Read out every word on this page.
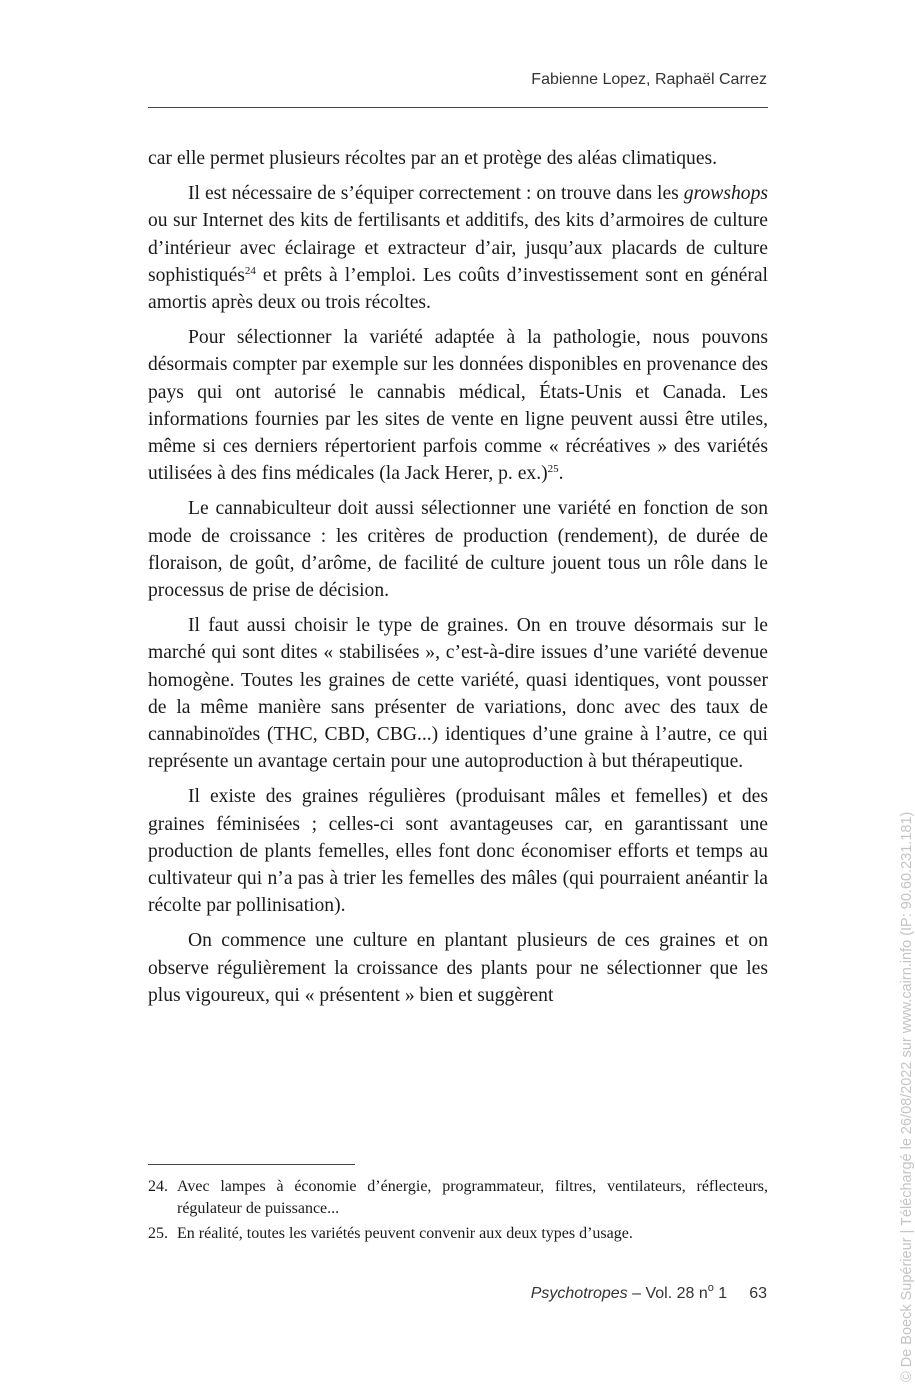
Fabienne Lopez, Raphaël Carrez

car elle permet plusieurs récoltes par an et protège des aléas climatiques.

Il est nécessaire de s’équiper correctement : on trouve dans les growshops ou sur Internet des kits de fertilisants et additifs, des kits d’armoires de culture d’intérieur avec éclairage et extracteur d’air, jusqu’aux placards de culture sophistiqués$^{24}$ et prêts à l’emploi. Les coûts d’investissement sont en général amortis après deux ou trois récoltes.

Pour sélectionner la variété adaptée à la pathologie, nous pouvons désormais compter par exemple sur les données disponibles en provenance des pays qui ont autorisé le cannabis médical, États-Unis et Canada. Les informations fournies par les sites de vente en ligne peuvent aussi être utiles, même si ces derniers répertorient parfois comme « récréatives » des variétés utilisées à des fins médicales (la Jack Herer, p. ex.)$^{25}$.

Le cannabiculteur doit aussi sélectionner une variété en fonction de son mode de croissance : les critères de production (rendement), de durée de floraison, de goût, d’arôme, de facilité de culture jouent tous un rôle dans le processus de prise de décision.

Il faut aussi choisir le type de graines. On en trouve désormais sur le marché qui sont dites « stabilisées », c’est-à-dire issues d’une variété devenue homogène. Toutes les graines de cette variété, quasi identiques, vont pousser de la même manière sans présenter de variations, donc avec des taux de cannabinoïdes (THC, CBD, CBG...) identiques d’une graine à l’autre, ce qui représente un avantage certain pour une autoproduction à but thérapeutique.

Il existe des graines régulières (produisant mâles et femelles) et des graines féminisées ; celles-ci sont avantageuses car, en garantissant une production de plants femelles, elles font donc économiser efforts et temps au cultivateur qui n’a pas à trier les femelles des mâles (qui pourraient anéantir la récolte par pollinisation).

On commence une culture en plantant plusieurs de ces graines et on observe régulièrement la croissance des plants pour ne sélectionner que les plus vigoureux, qui « présentent » bien et suggèrent

24. Avec lampes à économie d’énergie, programmateur, filtres, ventilateurs, réflecteurs, régulateur de puissance...
25. En réalité, toutes les variétés peuvent convenir aux deux types d’usage.
Psychotropes – Vol. 28 $n^o$ 1 63	© De Boeck Supérieur | Téléchargé le 26/08/2022 sur www.cairn.info (IP: 90.60.231.181)
